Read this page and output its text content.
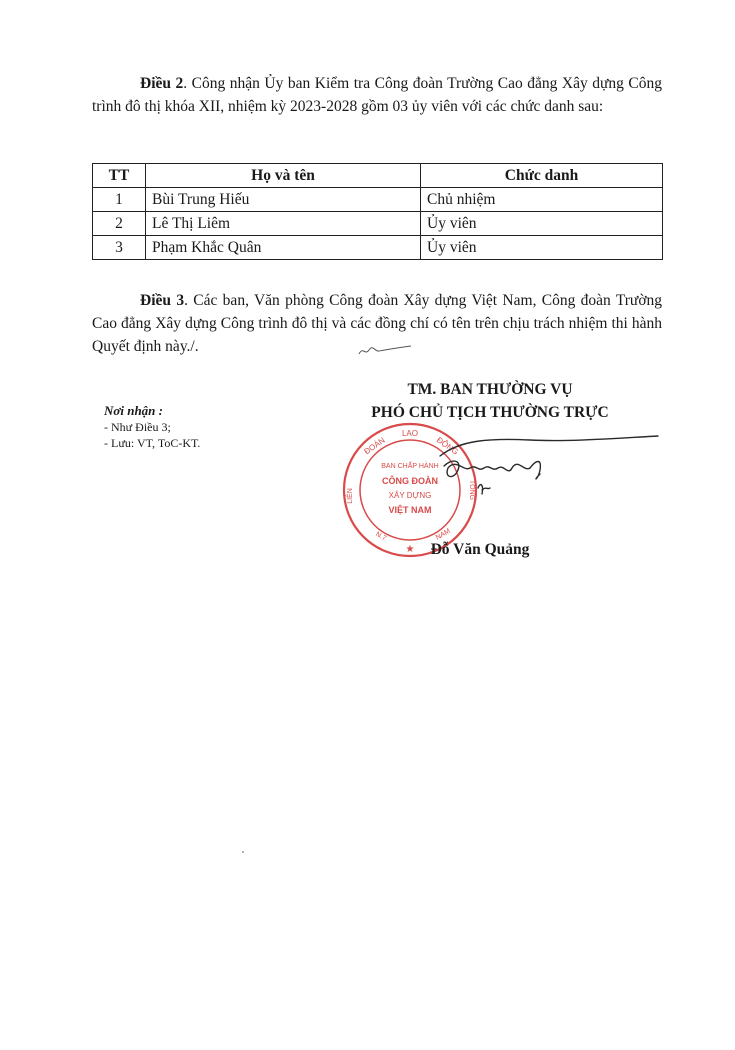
Điều 2. Công nhận Ủy ban Kiểm tra Công đoàn Trường Cao đẳng Xây dựng Công trình đô thị khóa XII, nhiệm kỳ 2023-2028 gồm 03 ủy viên với các chức danh sau:

TT	Họ và tên	Chức danh
1	Bùi Trung Hiếu	Chủ nhiệm
2	Lê Thị Liêm	Ủy viên
3	Phạm Khắc Quân	Ủy viên

Điều 3. Các ban, Văn phòng Công đoàn Xây dựng Việt Nam, Công đoàn Trường Cao đẳng Xây dựng Công trình đô thị và các đồng chí có tên trên chịu trách nhiệm thi hành Quyết định này./.

Nơi nhận :
- Như Điều 3;
- Lưu: VT, ToC-KT.
TM. BAN THƯỜNG VỤ
PHÓ CHỦ TỊCH THƯỜNG TRỰC
LAO
ĐOÀN	ĐỘNG
LIÊN	TỔNG
BAN CHẤP HÀNH
CÔNG ĐOÀN
XÂY DỰNG
VIỆT NAM
N.7	NAM
★	Đỗ Văn Quảng
